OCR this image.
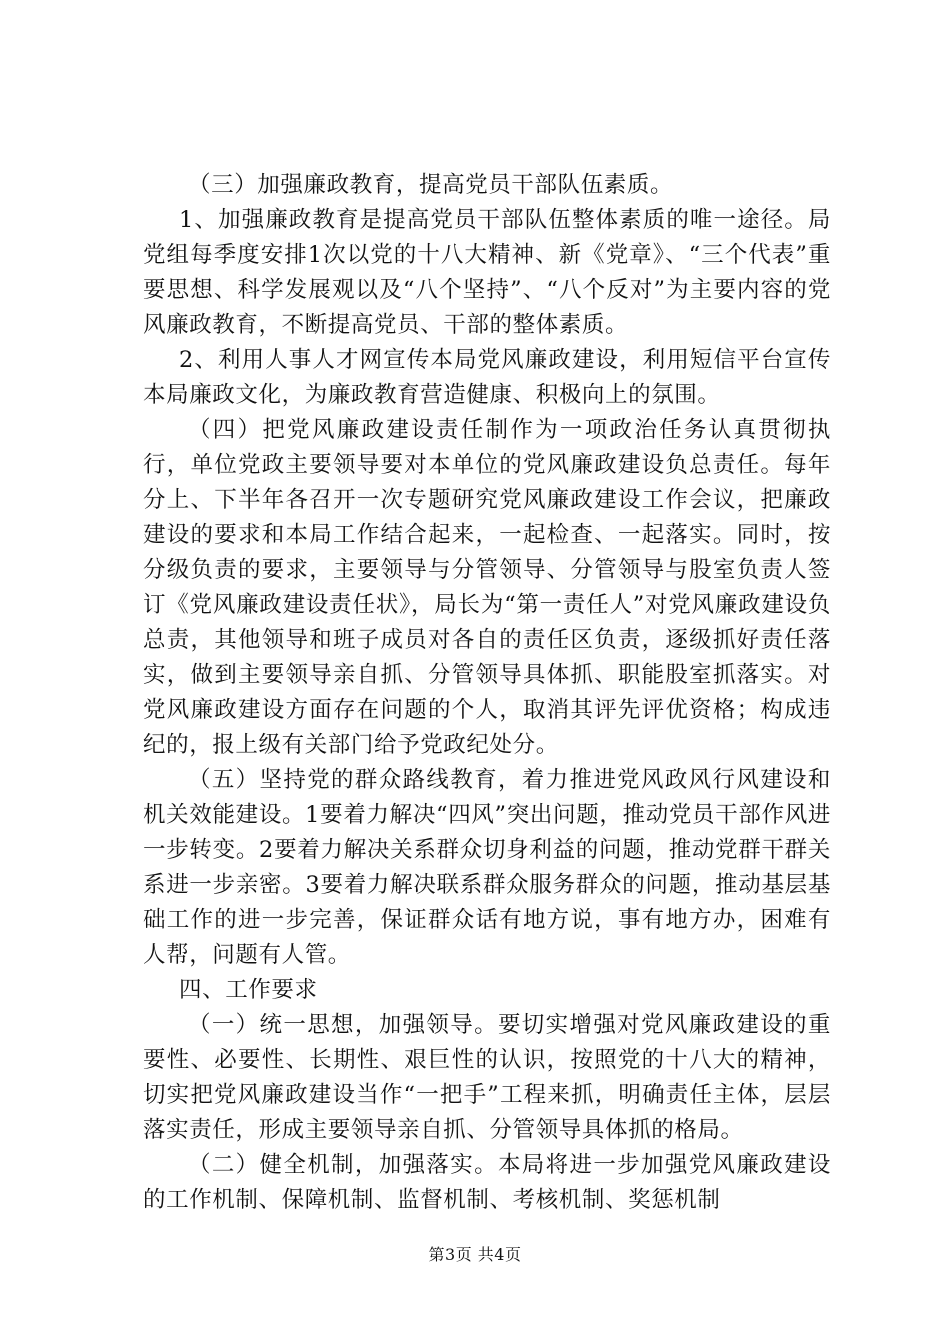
（三）加强廉政教育，提高党员干部队伍素质。

1、加强廉政教育是提高党员干部队伍整体素质的唯一途径。局党组每季度安排1次以党的十八大精神、新《党章》、“三个代表”重要思想、科学发展观以及“八个坚持”、“八个反对”为主要内容的党风廉政教育，不断提高党员、干部的整体素质。

2、利用人事人才网宣传本局党风廉政建设，利用短信平台宣传本局廉政文化，为廉政教育营造健康、积极向上的氛围。

（四）把党风廉政建设责任制作为一项政治任务认真贯彻执行，单位党政主要领导要对本单位的党风廉政建设负总责任。每年分上、下半年各召开一次专题研究党风廉政建设工作会议，把廉政建设的要求和本局工作结合起来，一起检查、一起落实。同时，按分级负责的要求，主要领导与分管领导、分管领导与股室负责人签订《党风廉政建设责任状》，局长为“第一责任人”对党风廉政建设负总责，其他领导和班子成员对各自的责任区负责，逐级抓好责任落实，做到主要领导亲自抓、分管领导具体抓、职能股室抓落实。对党风廉政建设方面存在问题的个人，取消其评先评优资格；构成违纪的，报上级有关部门给予党政纪处分。

（五）坚持党的群众路线教育，着力推进党风政风行风建设和机关效能建设。1要着力解决“四风”突出问题，推动党员干部作风进一步转变。2要着力解决关系群众切身利益的问题，推动党群干群关系进一步亲密。3要着力解决联系群众服务群众的问题，推动基层基础工作的进一步完善，保证群众话有地方说，事有地方办，困难有人帮，问题有人管。

四、工作要求

（一）统一思想，加强领导。要切实增强对党风廉政建设的重要性、必要性、长期性、艰巨性的认识，按照党的十八大的精神，切实把党风廉政建设当作“一把手”工程来抓，明确责任主体，层层落实责任，形成主要领导亲自抓、分管领导具体抓的格局。

（二）健全机制，加强落实。本局将进一步加强党风廉政建设的工作机制、保障机制、监督机制、考核机制、奖惩机制

第3页 共4页
